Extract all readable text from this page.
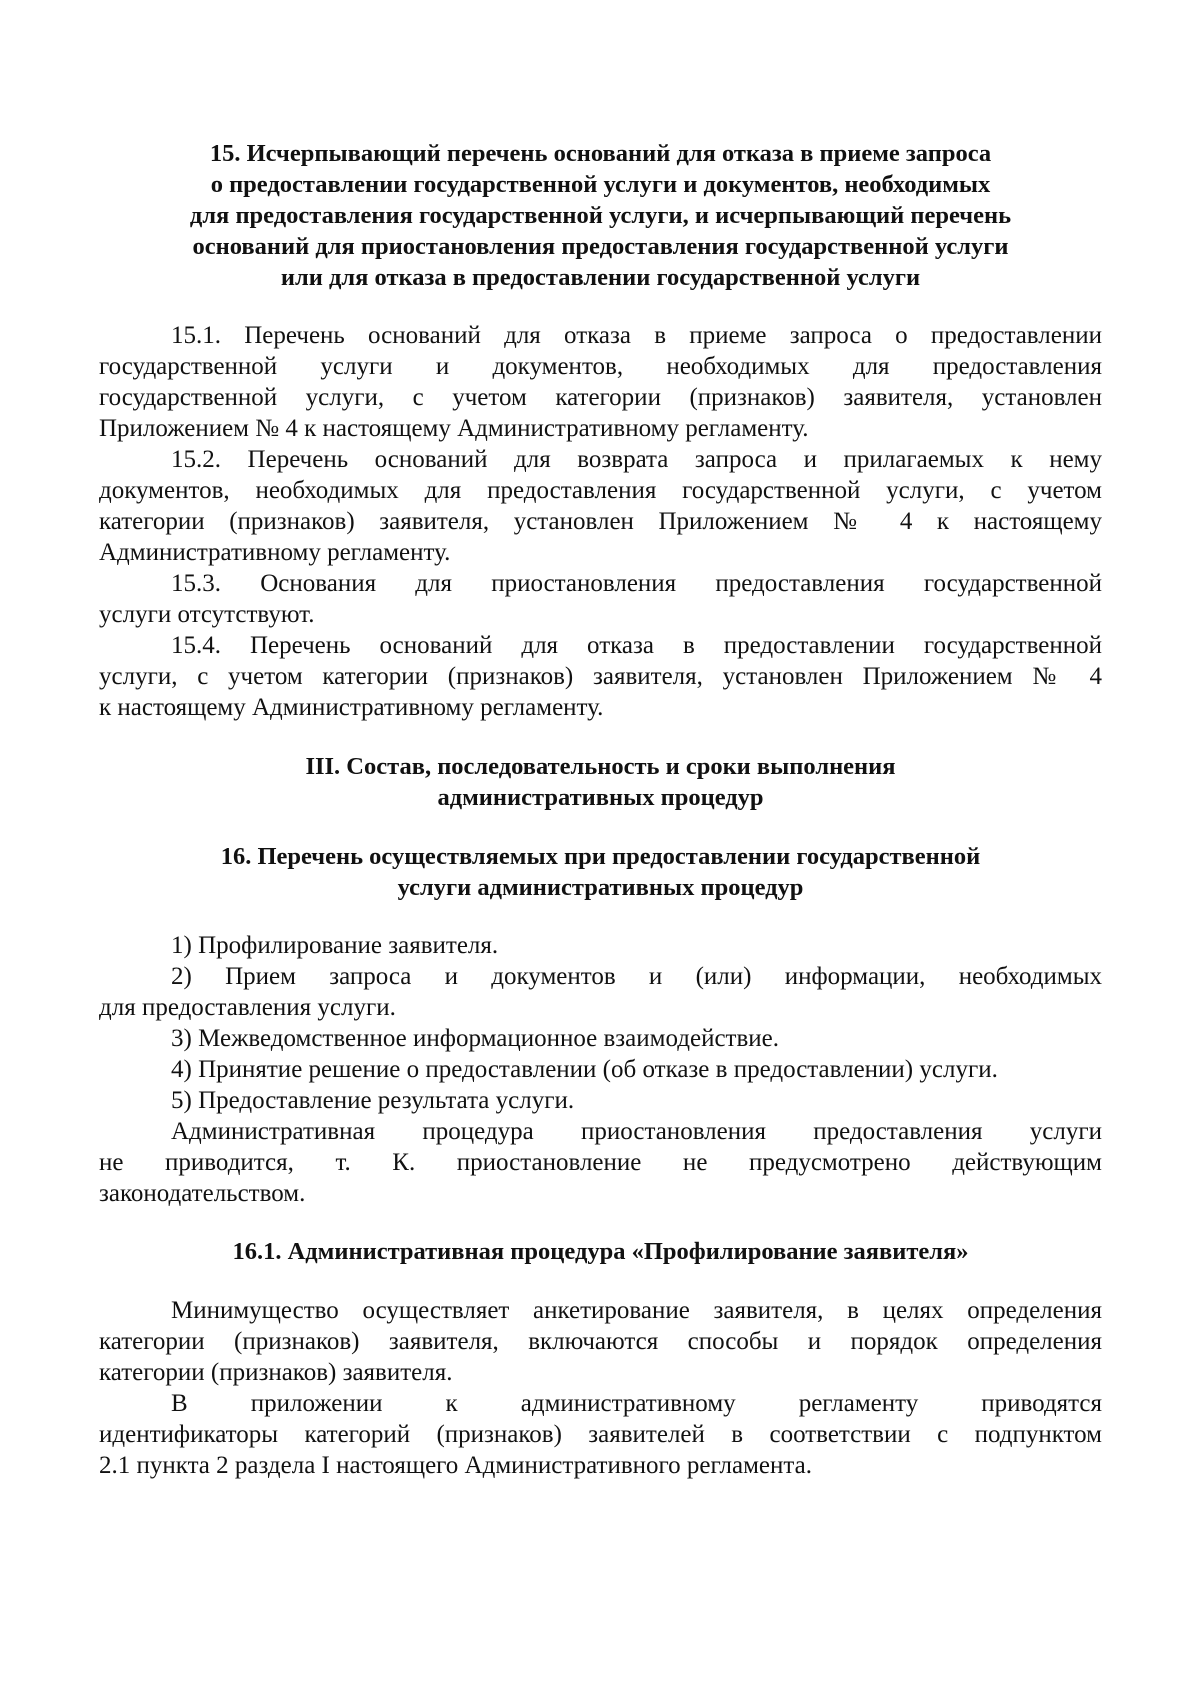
15. Исчерпывающий перечень оснований для отказа в приеме запроса
о предоставлении государственной услуги и документов, необходимых
для предоставления государственной услуги, и исчерпывающий перечень
оснований для приостановления предоставления государственной услуги
или для отказа в предоставлении государственной услуги
15.1. Перечень оснований для отказа в приеме запроса о предоставлении
государственной услуги и документов, необходимых для предоставления
государственной услуги, с учетом категории (признаков) заявителя, установлен
Приложением № 4 к настоящему Административному регламенту.
15.2. Перечень оснований для возврата запроса и прилагаемых к нему
документов, необходимых для предоставления государственной услуги, с учетом
категории (признаков) заявителя, установлен Приложением № 4 к настоящему
Административному регламенту.
15.3. Основания для приостановления предоставления государственной
услуги отсутствуют.
15.4. Перечень оснований для отказа в предоставлении государственной
услуги, с учетом категории (признаков) заявителя, установлен Приложением № 4
к настоящему Административному регламенту.
III. Состав, последовательность и сроки выполнения
административных процедур
16. Перечень осуществляемых при предоставлении государственной
услуги административных процедур
1) Профилирование заявителя.
2) Прием запроса и документов и (или) информации, необходимых
для предоставления услуги.
3) Межведомственное информационное взаимодействие.
4) Принятие решение о предоставлении (об отказе в предоставлении) услуги.
5) Предоставление результата услуги.
Административная процедура приостановления предоставления услуги
не приводится, т. К. приостановление не предусмотрено действующим
законодательством.
16.1. Административная процедура «Профилирование заявителя»
Минимущество осуществляет анкетирование заявителя, в целях определения
категории (признаков) заявителя, включаются способы и порядок определения
категории (признаков) заявителя.
В приложении к административному регламенту приводятся
идентификаторы категорий (признаков) заявителей в соответствии с подпунктом
2.1 пункта 2 раздела I настоящего Административного регламента.
